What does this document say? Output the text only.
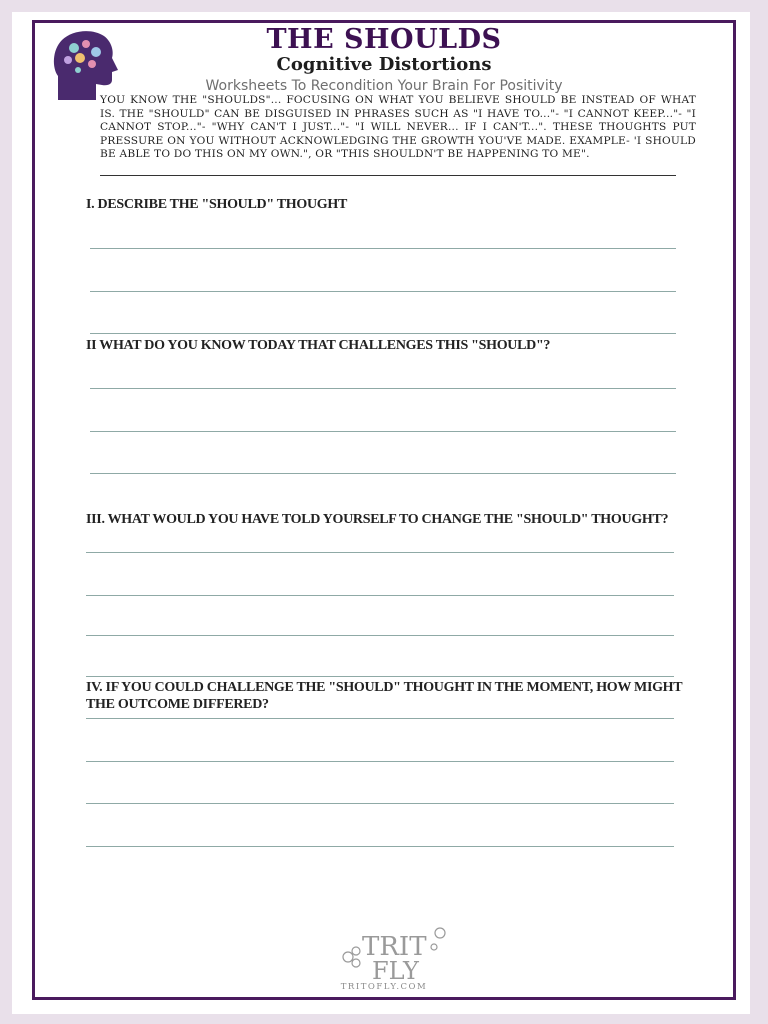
THE SHOULDS
Cognitive Distortions
Worksheets To Recondition Your Brain For Positivity
YOU KNOW THE "SHOULDS"... FOCUSING ON WHAT YOU BELIEVE SHOULD BE INSTEAD OF WHAT IS. THE "SHOULD" CAN BE DISGUISED IN PHRASES SUCH AS "I HAVE TO..."- "I CANNOT KEEP..."- "I CANNOT STOP..."- "WHY CAN'T I JUST..."- "I WILL NEVER... IF I CAN'T...". THESE THOUGHTS PUT PRESSURE ON YOU WITHOUT ACKNOWLEDGING THE GROWTH YOU'VE MADE. EXAMPLE- 'I SHOULD BE ABLE TO DO THIS ON MY OWN.", OR "THIS SHOULDN'T BE HAPPENING TO ME".
I. DESCRIBE THE "SHOULD" THOUGHT
II WHAT DO YOU KNOW TODAY THAT CHALLENGES THIS "SHOULD"?
III. WHAT WOULD YOU HAVE TOLD YOURSELF TO CHANGE THE "SHOULD" THOUGHT?
IV. IF YOU COULD CHALLENGE THE "SHOULD" THOUGHT IN THE MOMENT, HOW MIGHT THE OUTCOME DIFFERED?
TRIT
FLY
TRITOFLY.COM
